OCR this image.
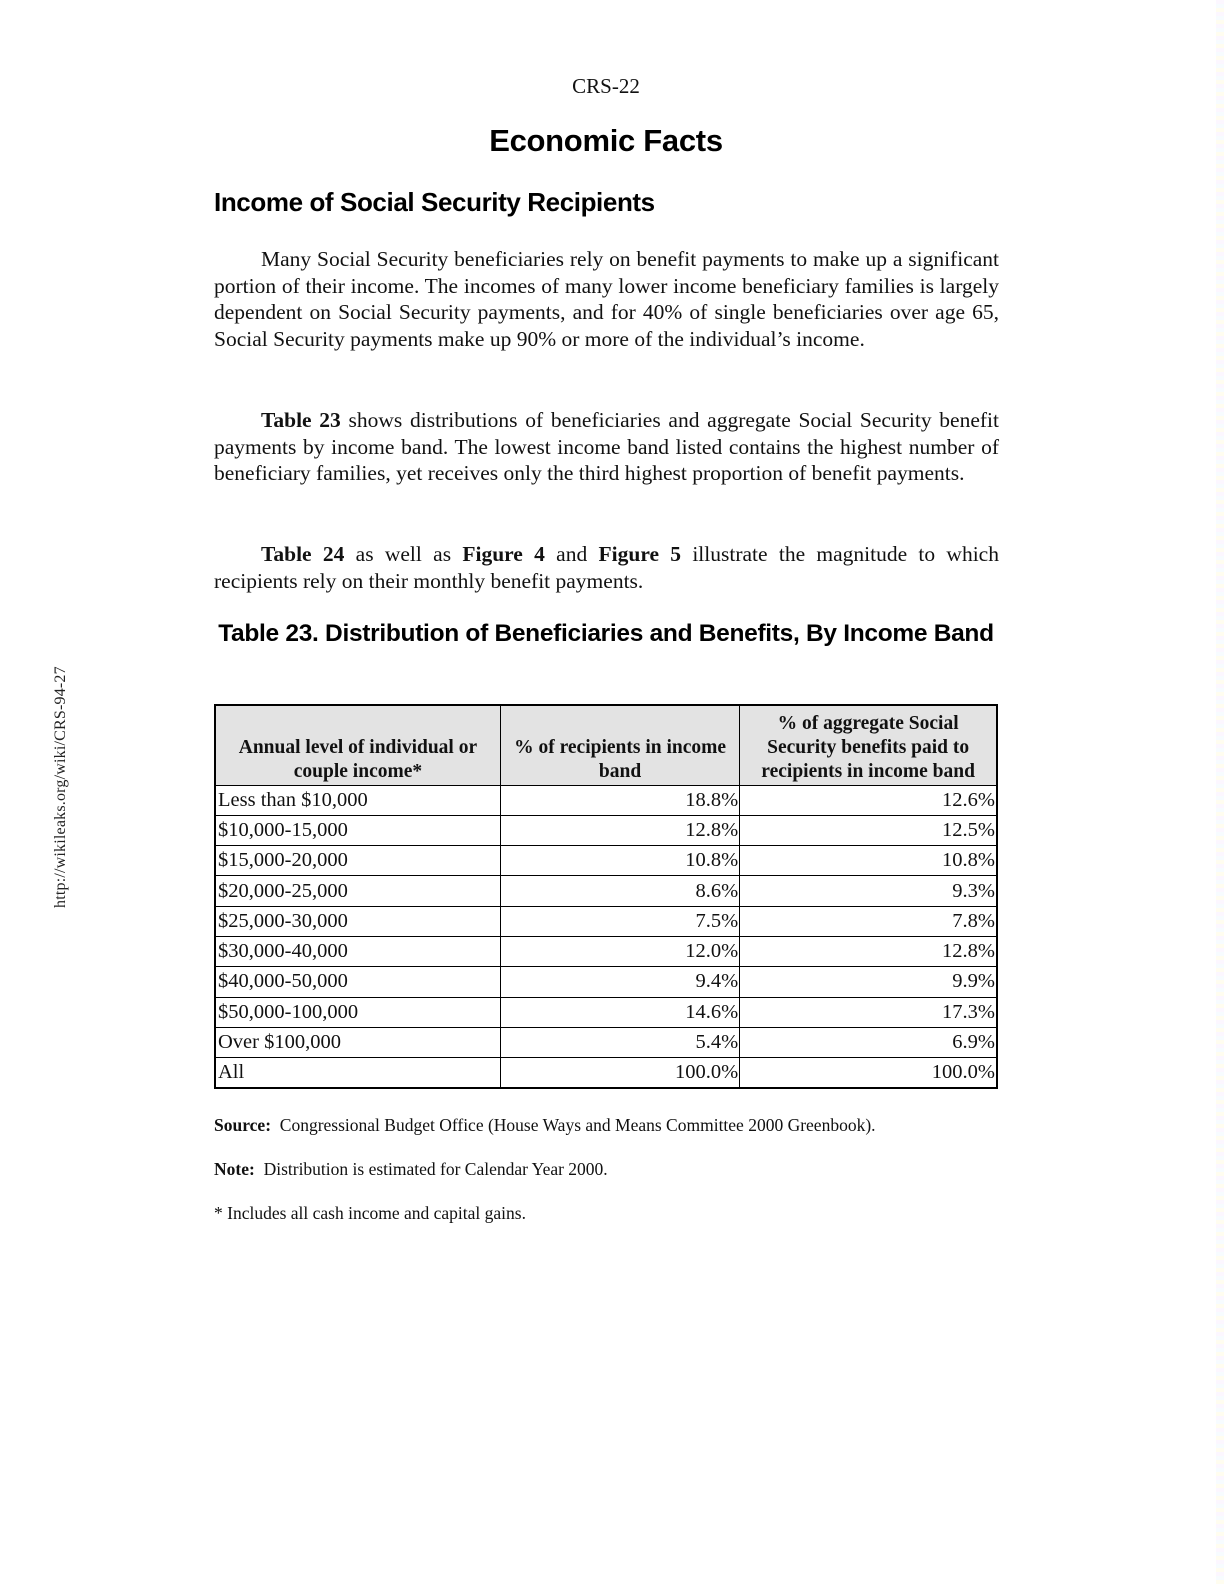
http://wikileaks.org/wiki/CRS-94-27
CRS-22
Economic Facts
Income of Social Security Recipients

Many Social Security beneficiaries rely on benefit payments to make up a significant portion of their income. The incomes of many lower income beneficiary families is largely dependent on Social Security payments, and for 40% of single beneficiaries over age 65, Social Security payments make up 90% or more of the individual’s income.

Table 23 shows distributions of beneficiaries and aggregate Social Security benefit payments by income band. The lowest income band listed contains the highest number of beneficiary families, yet receives only the third highest proportion of benefit payments.

Table 24 as well as Figure 4 and Figure 5 illustrate the magnitude to which recipients rely on their monthly benefit payments.

Table 23. Distribution of Beneficiaries and Benefits, By Income Band
Annual level of individual or couple income*	% of recipients in income band	% of aggregate Social Security benefits paid to recipients in income band
Less than $10,000	18.8%	12.6%
$10,000-15,000	12.8%	12.5%
$15,000-20,000	10.8%	10.8%
$20,000-25,000	8.6%	9.3%
$25,000-30,000	7.5%	7.8%
$30,000-40,000	12.0%	12.8%
$40,000-50,000	9.4%	9.9%
$50,000-100,000	14.6%	17.3%
Over $100,000	5.4%	6.9%
All	100.0%	100.0%
Source:  Congressional Budget Office (House Ways and Means Committee 2000 Greenbook).
Note:  Distribution is estimated for Calendar Year 2000.
* Includes all cash income and capital gains.
